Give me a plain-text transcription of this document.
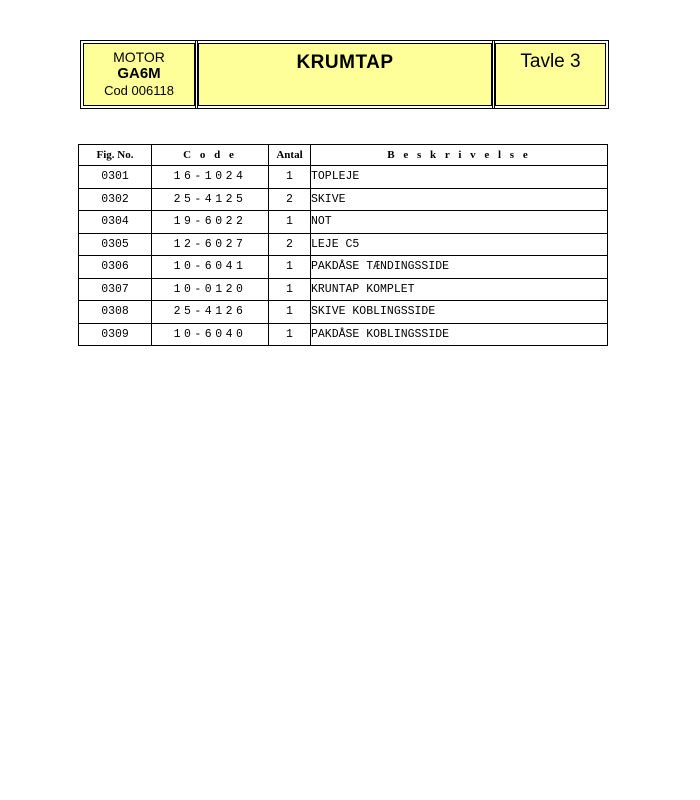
MOTOR
GA6M
Cod 006118
KRUMTAP	Tavle 3
Fig. No.	C o d e	Antal	B e s k r i v e l s e
0301	16-1024	1	TOPLEJE
0302	25-4125	2	SKIVE
0304	19-6022	1	NOT
0305	12-6027	2	LEJE C5
0306	10-6041	1	PAKDÅSE TÆNDINGSSIDE
0307	10-0120	1	KRUNTAP KOMPLET
0308	25-4126	1	SKIVE KOBLINGSSIDE
0309	10-6040	1	PAKDÅSE KOBLINGSSIDE
